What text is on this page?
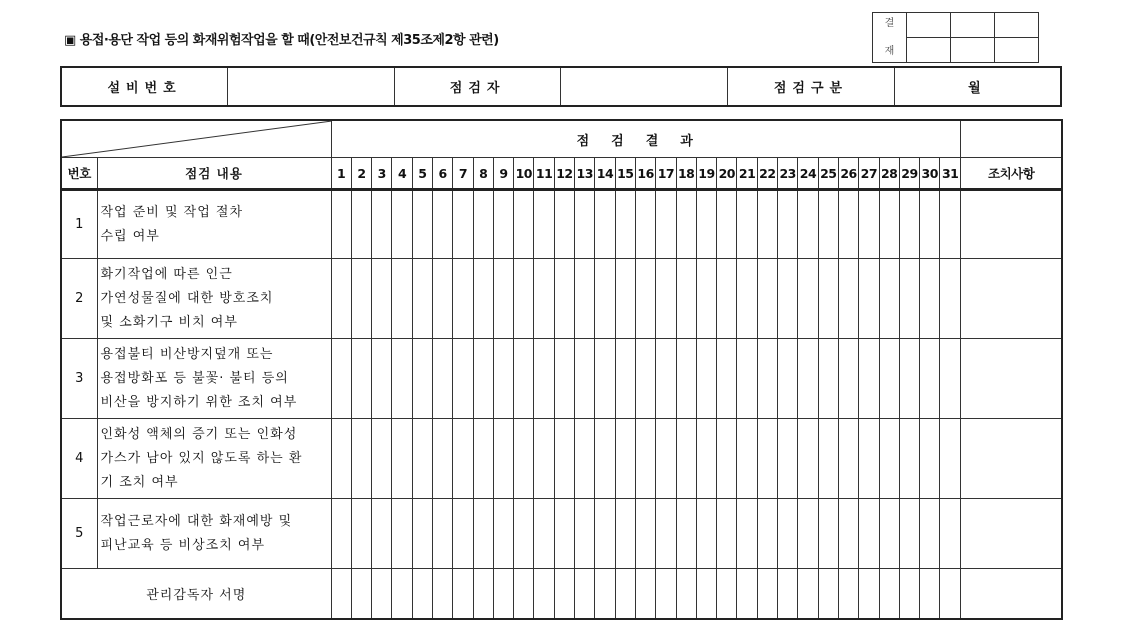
▣ 용접·용단 작업 등의 화재위험작업을 할 때(안전보건규칙 제35조제2항 관련)
결

재			

설비번호		점검자		점검구분	월
	점검결과																															
번호	점검 내용	1	2	3	4	5	6	7	8	9	10	11	12	13	14	15	16	17	18	19	20	21	22	23	24	25	26	27	28	29	30	31	조치사항
1	작업 준비 및 작업 절차
수립 여부																																

2	화기작업에 따른 인근
가연성물질에 대한 방호조치
및 소화기구 비치 여부																																

3	용접불티 비산방지덮개 또는
용접방화포 등 불꽃· 불티 등의
비산을 방지하기 위한 조치 여부																																

4	인화성 액체의 증기 또는 인화성
가스가 남아 있지 않도록 하는 환
기 조치 여부																																

5	작업근로자에 대한 화재예방 및
피난교육 등 비상조치 여부																																

관리감독자 서명																																	
